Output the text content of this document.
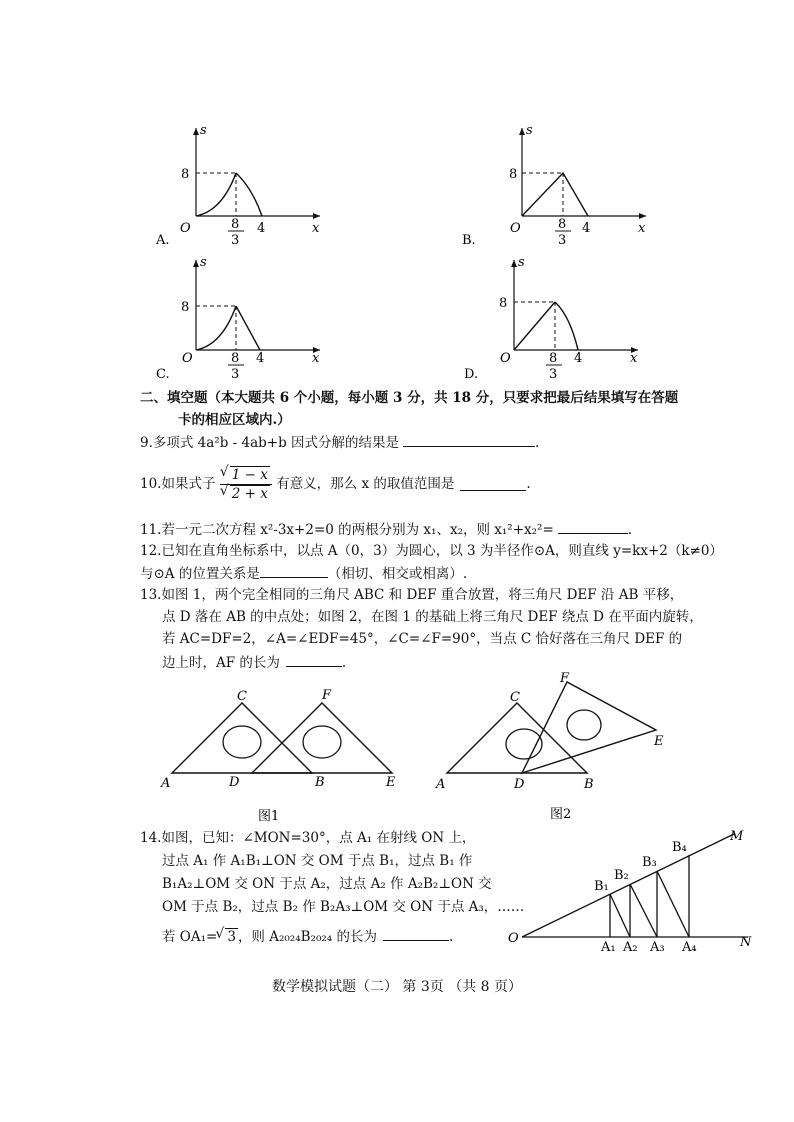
s
x
O
8
8
3
4
A.
s
x
O
8
8
3
4
B.
s
x
O
8
8
3
4
C.
s
x
O
8
8
3
4
D.
二、填空题（本大题共 6 个小题，每小题 3 分，共 18 分，只要求把最后结果填写在答题
卡的相应区域内.）
9.多项式 4a²b - 4ab+b 因式分解的结果是	.
10.如果式子 √ 1 − x
√ 2 + x 有意义，那么 x 的取值范围是	.
11.若一元二次方程 x²-3x+2=0 的两根分别为 x₁、x₂，则 x₁²+x₂²=	.
12.已知在直角坐标系中，以点 A（0，3）为圆心，以 3 为半径作⊙A，则直线 y=kx+2（k≠0）
与⊙A 的位置关系是	（相切、相交或相离）.
13.如图 1，两个完全相同的三角尺 ABC 和 DEF 重合放置，将三角尺 DEF 沿 AB 平移，
点 D 落在 AB 的中点处；如图 2，在图 1 的基础上将三角尺 DEF 绕点 D 在平面内旋转，
若 AC=DF=2，∠A=∠EDF=45°，∠C=∠F=90°，当点 C 恰好落在三角尺 DEF 的
边上时，AF 的长为	.
A	B
C
D	E
F
图1
A	B
C
D
E
F
图2
14.如图，已知：∠MON=30°，点 A₁ 在射线 ON 上，
过点 A₁ 作 A₁B₁⊥ON 交 OM 于点 B₁，过点 B₁ 作
B₁A₂⊥OM 交 ON 于点 A₂，过点 A₂ 作 A₂B₂⊥ON 交
OM 于点 B₂，过点 B₂ 作 B₂A₃⊥OM 交 ON 于点 A₃，……
若 OA₁= √ 3 ，则 A₂₀₂₄B₂₀₂₄ 的长为	.	O
M
N
A₁ A₂ A₃ A₄
B₁
B₂
B₃
B₄
数学模拟试题（二） 第 3页 （共 8 页）
